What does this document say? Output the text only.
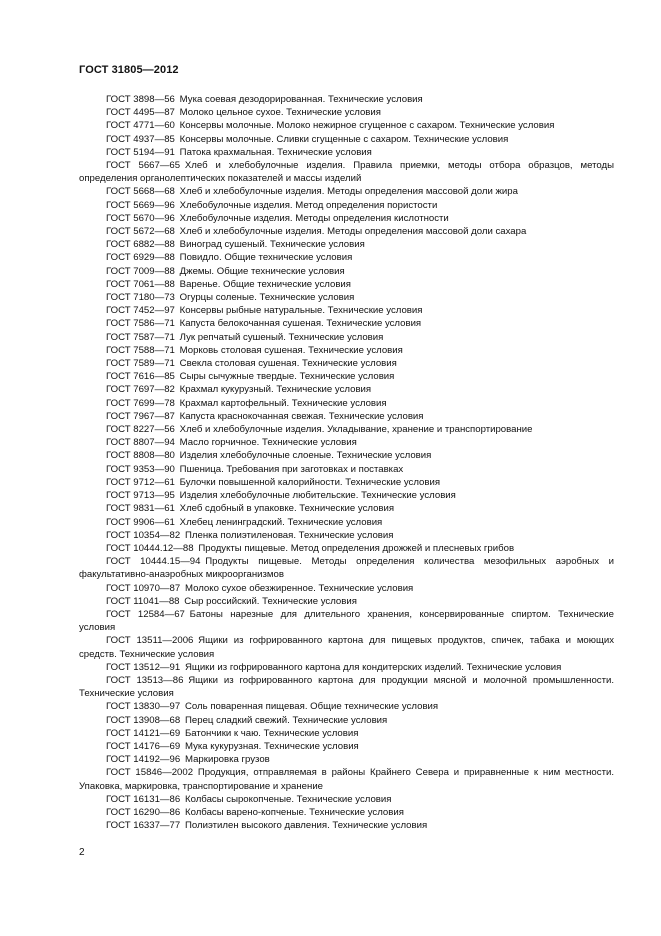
ГОСТ 31805—2012

ГОСТ 3898—56  Мука соевая дезодорированная. Технические условия

ГОСТ 4495—87  Молоко цельное сухое. Технические условия

ГОСТ 4771—60  Консервы молочные. Молоко нежирное сгущенное с сахаром. Технические условия

ГОСТ 4937—85  Консервы молочные. Сливки сгущенные с сахаром. Технические условия

ГОСТ 5194—91  Патока крахмальная. Технические условия

ГОСТ 5667—65  Хлеб и хлебобулочные изделия. Правила приемки, методы отбора образцов, методы определения органолептических показателей и массы изделий

ГОСТ 5668—68  Хлеб и хлебобулочные изделия. Методы определения массовой доли жира

ГОСТ 5669—96  Хлебобулочные изделия. Метод определения пористости

ГОСТ 5670—96  Хлебобулочные изделия. Методы определения кислотности

ГОСТ 5672—68  Хлеб и хлебобулочные изделия. Методы определения массовой доли сахара

ГОСТ 6882—88  Виноград сушеный. Технические условия

ГОСТ 6929—88  Повидло. Общие технические условия

ГОСТ 7009—88  Джемы. Общие технические условия

ГОСТ 7061—88  Варенье. Общие технические условия

ГОСТ 7180—73  Огурцы соленые. Технические условия

ГОСТ 7452—97  Консервы рыбные натуральные. Технические условия

ГОСТ 7586—71  Капуста белокочанная сушеная. Технические условия

ГОСТ 7587—71  Лук репчатый сушеный. Технические условия

ГОСТ 7588—71  Морковь столовая сушеная. Технические условия

ГОСТ 7589—71  Свекла столовая сушеная. Технические условия

ГОСТ 7616—85  Сыры сычужные твердые. Технические условия

ГОСТ 7697—82  Крахмал кукурузный. Технические условия

ГОСТ 7699—78  Крахмал картофельный. Технические условия

ГОСТ 7967—87  Капуста краснокочанная свежая. Технические условия

ГОСТ 8227—56  Хлеб и хлебобулочные изделия. Укладывание, хранение и транспортирование

ГОСТ 8807—94  Масло горчичное. Технические условия

ГОСТ 8808—80  Изделия хлебобулочные слоеные. Технические условия

ГОСТ 9353—90  Пшеница. Требования при заготовках и поставках

ГОСТ 9712—61  Булочки повышенной калорийности. Технические условия

ГОСТ 9713—95  Изделия хлебобулочные любительские. Технические условия

ГОСТ 9831—61  Хлеб сдобный в упаковке. Технические условия

ГОСТ 9906—61  Хлебец ленинградский. Технические условия

ГОСТ 10354—82  Пленка полиэтиленовая. Технические условия

ГОСТ 10444.12—88  Продукты пищевые. Метод определения дрожжей и плесневых грибов

ГОСТ 10444.15—94  Продукты пищевые. Методы определения количества мезофильных аэробных и факультативно-анаэробных микроорганизмов

ГОСТ 10970—87  Молоко сухое обезжиренное. Технические условия

ГОСТ 11041—88  Сыр российский. Технические условия

ГОСТ 12584—67  Батоны нарезные для длительного хранения, консервированные спиртом. Технические условия

ГОСТ 13511—2006  Ящики из гофрированного картона для пищевых продуктов, спичек, табака и моющих средств. Технические условия

ГОСТ 13512—91  Ящики из гофрированного картона для кондитерских изделий. Технические условия

ГОСТ 13513—86  Ящики из гофрированного картона для продукции мясной и молочной промышленности. Технические условия

ГОСТ 13830—97  Соль поваренная пищевая. Общие технические условия

ГОСТ 13908—68  Перец сладкий свежий. Технические условия

ГОСТ 14121—69  Батончики к чаю. Технические условия

ГОСТ 14176—69  Мука кукурузная. Технические условия

ГОСТ 14192—96  Маркировка грузов

ГОСТ 15846—2002  Продукция, отправляемая в районы Крайнего Севера и приравненные к ним местности. Упаковка, маркировка, транспортирование и хранение

ГОСТ 16131—86  Колбасы сырокопченые. Технические условия

ГОСТ 16290—86  Колбасы варено-копченые. Технические условия

ГОСТ 16337—77  Полиэтилен высокого давления. Технические условия

2
